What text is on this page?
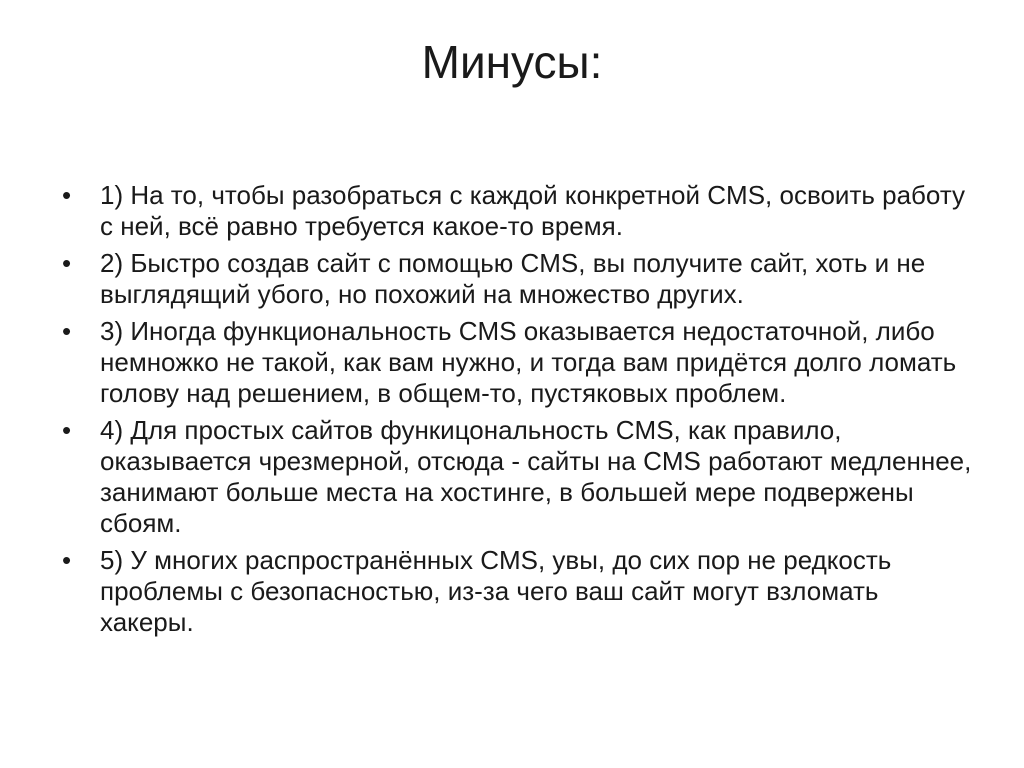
Минусы:
•	1) На то, чтобы разобраться с каждой конкретной CMS, освоить работу с ней, всё равно требуется какое-то время.
•	2) Быстро создав сайт с помощью CMS, вы получите сайт, хоть и не выглядящий убого, но похожий на множество других.
•	3) Иногда функциональность CMS оказывается недостаточной, либо немножко не такой, как вам нужно, и тогда вам придётся долго ломать голову над решением, в общем-то, пустяковых проблем.
•	4) Для простых сайтов функицональность CMS, как правило, оказывается чрезмерной, отсюда - сайты на CMS работают медленнее, занимают больше места на хостинге, в большей мере подвержены сбоям.
•	5) У многих распространённых CMS, увы, до сих пор не редкость проблемы с безопасностью, из-за чего ваш сайт могут взломать хакеры.
